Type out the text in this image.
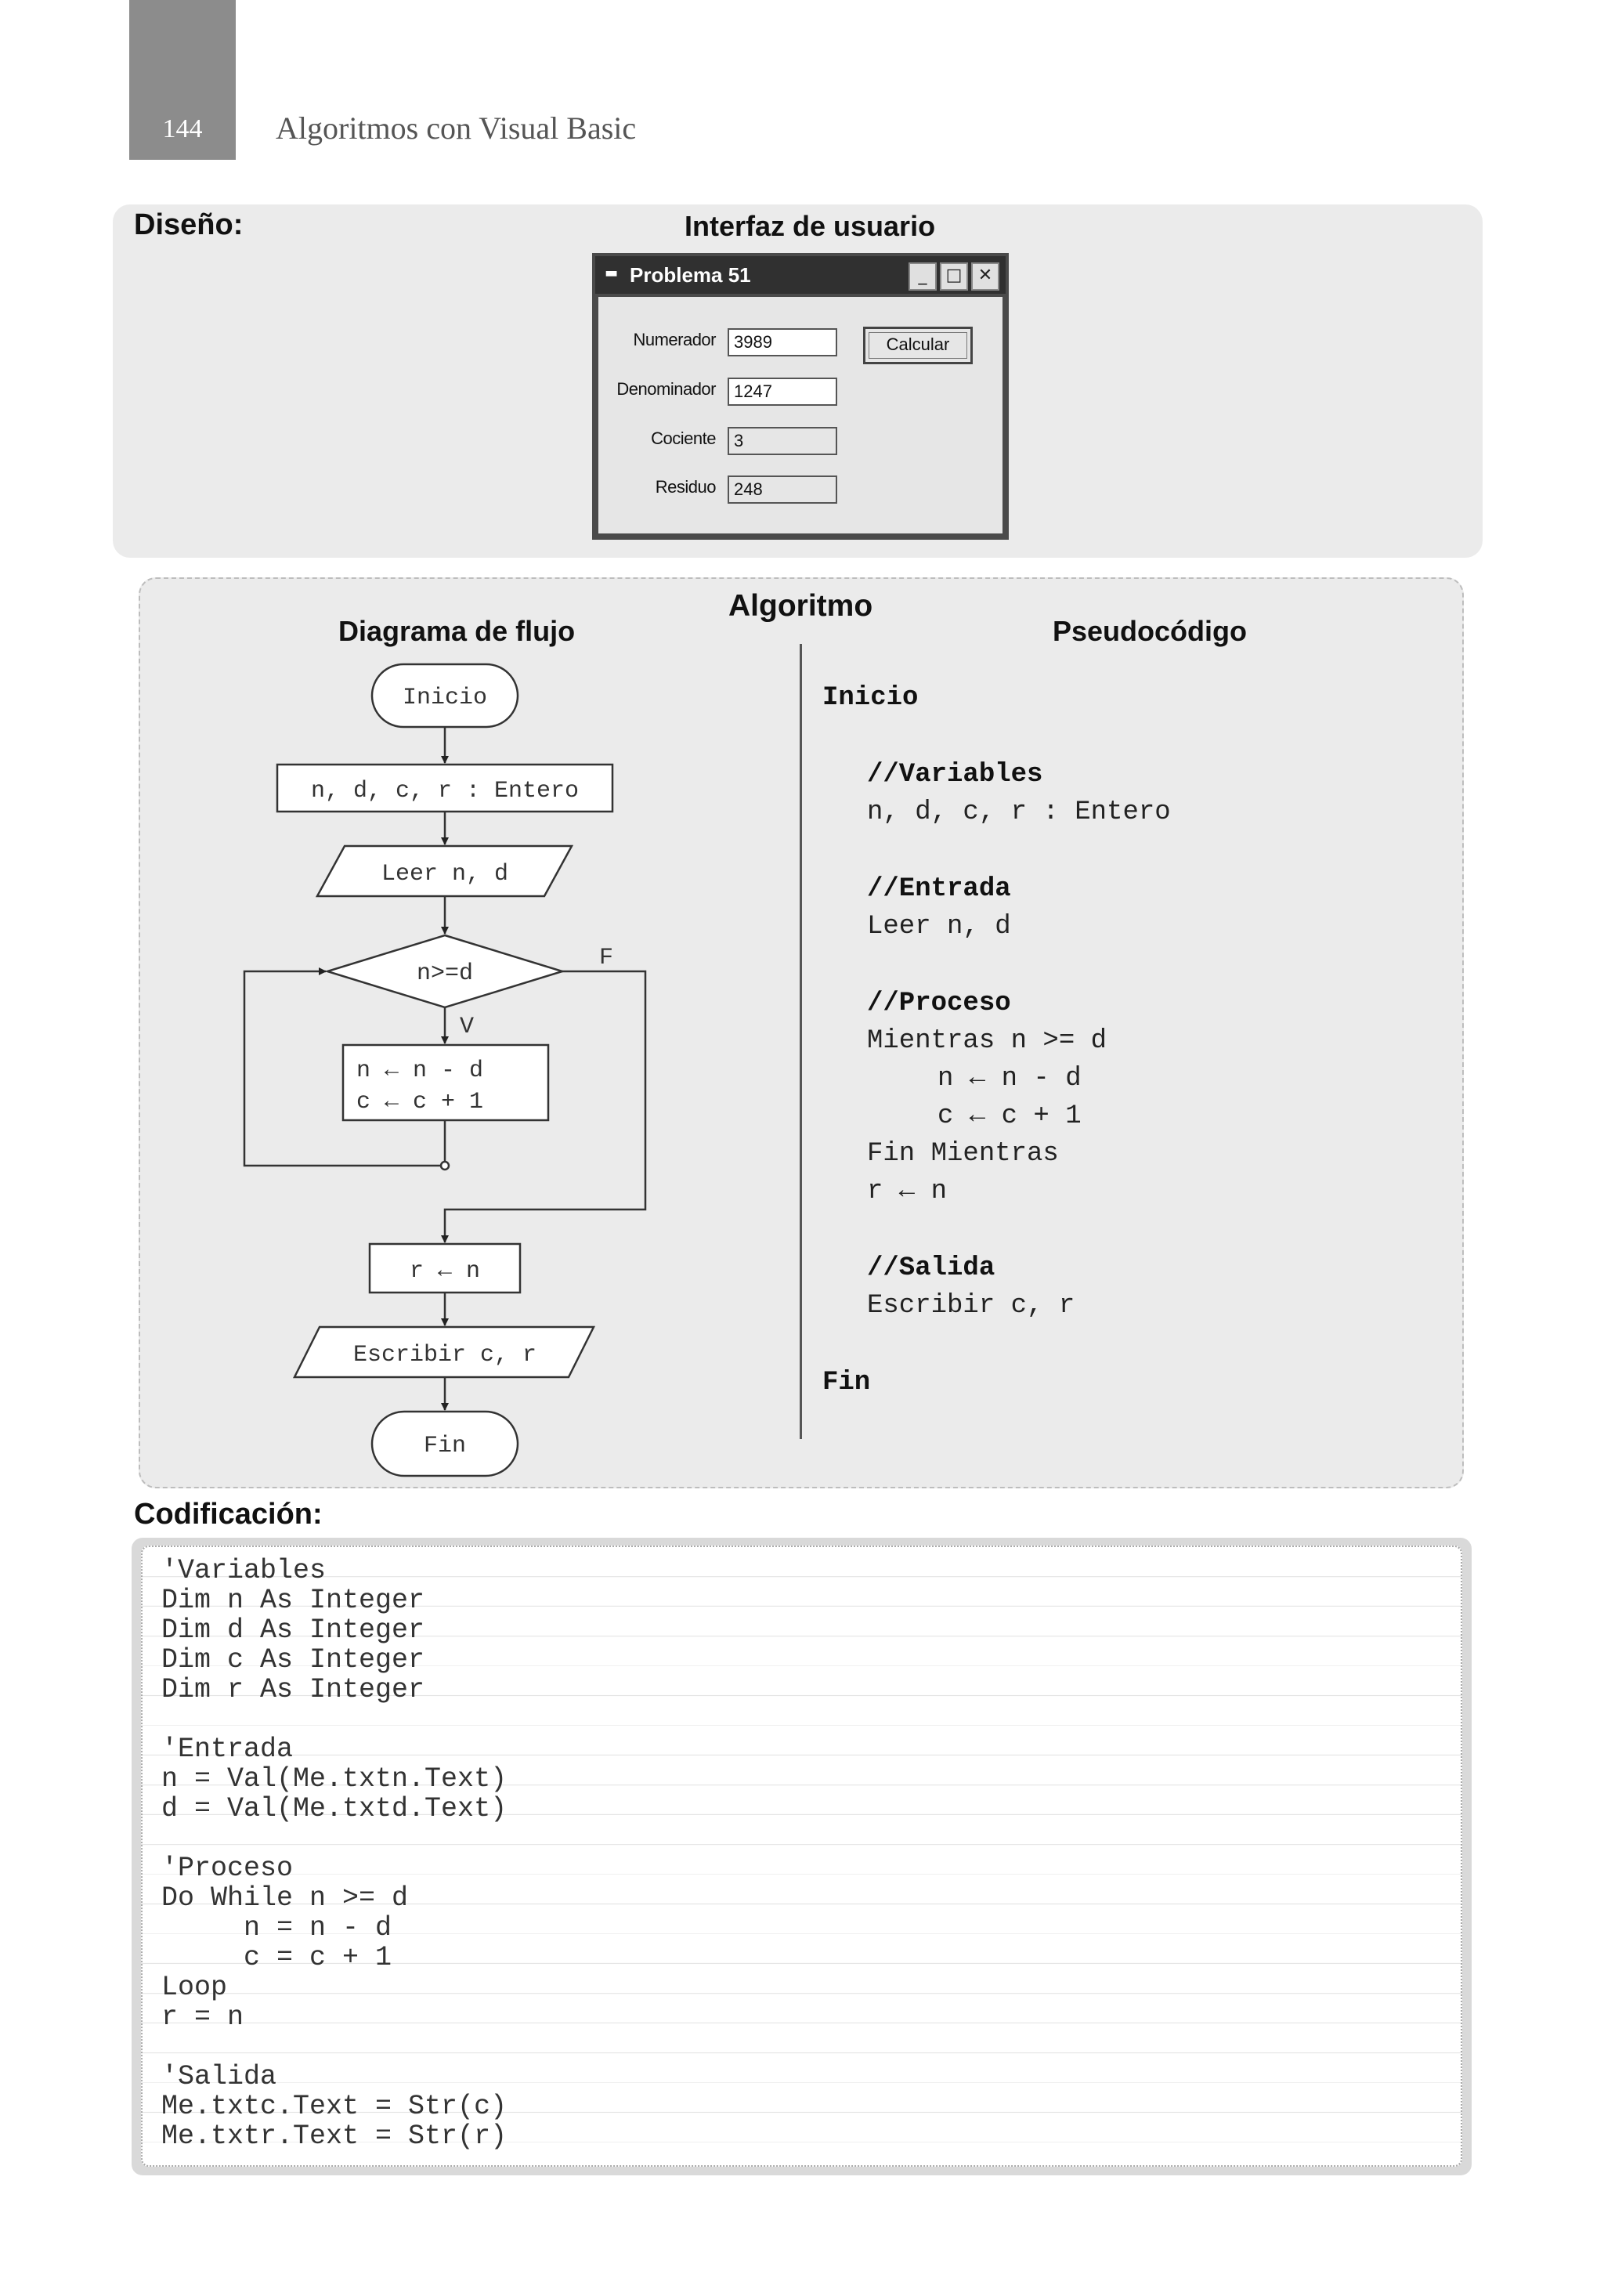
144	Algoritmos con Visual Basic
Diseño:	Interfaz de usuario
▬ Problema 51	_	□ ✕
Numerador	3989
Denominador	1247
Cociente	3
Residuo	248
Calcular
Algoritmo
Diagrama de flujo	Pseudocódigo
Inicio
n, d, c, r : Entero
Leer n, d
n>=d
F
V
n ← n - d
c ← c + 1
r ← n
Escribir c, r
Fin
Inicio
//Variables
n, d, c, r : Entero
//Entrada
Leer n, d
//Proceso
Mientras n >= d
n ← n - d
c ← c + 1
Fin Mientras
r ← n
//Salida
Escribir c, r
Fin
Codificación:
'Variables
Dim n As Integer
Dim d As Integer
Dim c As Integer
Dim r As Integer
'Entrada
n = Val(Me.txtn.Text)
d = Val(Me.txtd.Text)
'Proceso
Do While n >= d
n = n - d
c = c + 1
Loop
r = n
'Salida
Me.txtc.Text = Str(c)
Me.txtr.Text = Str(r)
